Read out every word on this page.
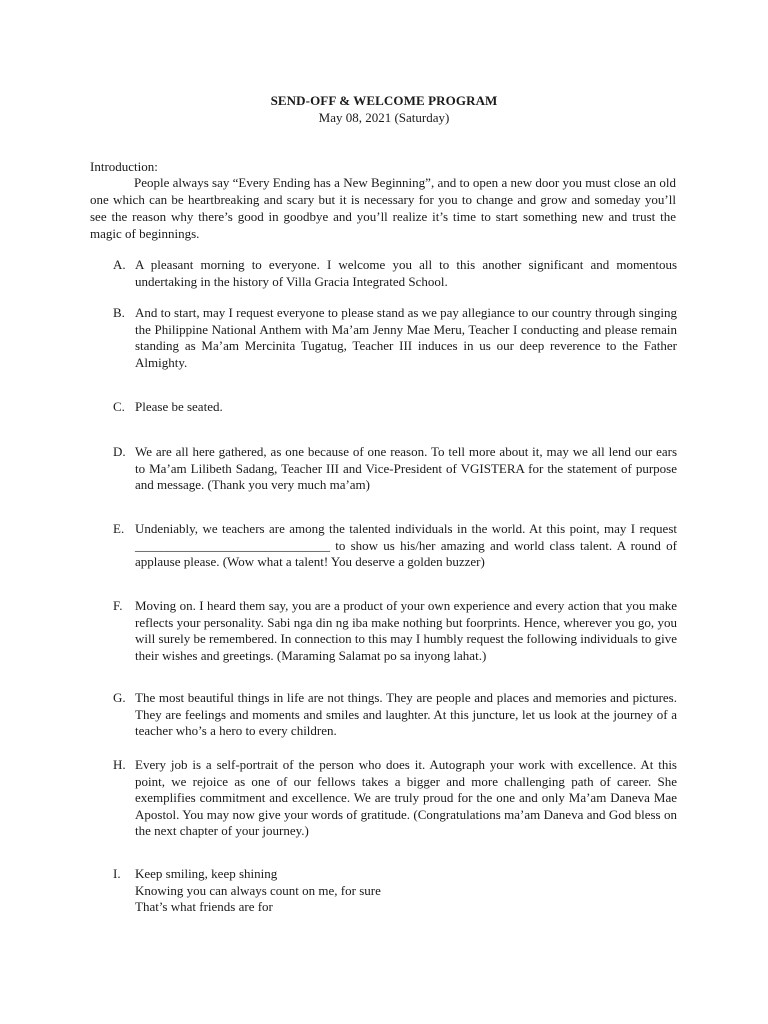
SEND-OFF & WELCOME PROGRAM
May 08, 2021 (Saturday)
Introduction:
People always say “Every Ending has a New Beginning”, and to open a new door you must close an old one which can be heartbreaking and scary but it is necessary for you to change and grow and someday you’ll see the reason why there’s good in goodbye and you’ll realize it’s time to start something new and trust the magic of beginnings.
A. A pleasant morning to everyone. I welcome you all to this another significant and momentous undertaking in the history of Villa Gracia Integrated School.
B. And to start, may I request everyone to please stand as we pay allegiance to our country through singing the Philippine National Anthem with Ma’am Jenny Mae Meru, Teacher I conducting and please remain standing as Ma’am Mercinita Tugatug, Teacher III induces in us our deep reverence to the Father Almighty.
C. Please be seated.
D. We are all here gathered, as one because of one reason. To tell more about it, may we all lend our ears to Ma’am Lilibeth Sadang, Teacher III and Vice-President of VGISTERA for the statement of purpose and message. (Thank you very much ma’am)
E. Undeniably, we teachers are among the talented individuals in the world. At this point, may I request ______________________________ to show us his/her amazing and world class talent. A round of applause please. (Wow what a talent! You deserve a golden buzzer)
F. Moving on. I heard them say, you are a product of your own experience and every action that you make reflects your personality. Sabi nga din ng iba make nothing but foorprints. Hence, wherever you go, you will surely be remembered. In connection to this may I humbly request the following individuals to give their wishes and greetings. (Maraming Salamat po sa inyong lahat.)
G. The most beautiful things in life are not things. They are people and places and memories and pictures. They are feelings and moments and smiles and laughter. At this juncture, let us look at the journey of a teacher who’s a hero to every children.
H. Every job is a self-portrait of the person who does it. Autograph your work with excellence. At this point, we rejoice as one of our fellows takes a bigger and more challenging path of career. She exemplifies commitment and excellence. We are truly proud for the one and only Ma’am Daneva Mae Apostol. You may now give your words of gratitude. (Congratulations ma’am Daneva and God bless on the next chapter of your journey.)
I.	Keep smiling, keep shining
Knowing you can always count on me, for sure
That’s what friends are for
